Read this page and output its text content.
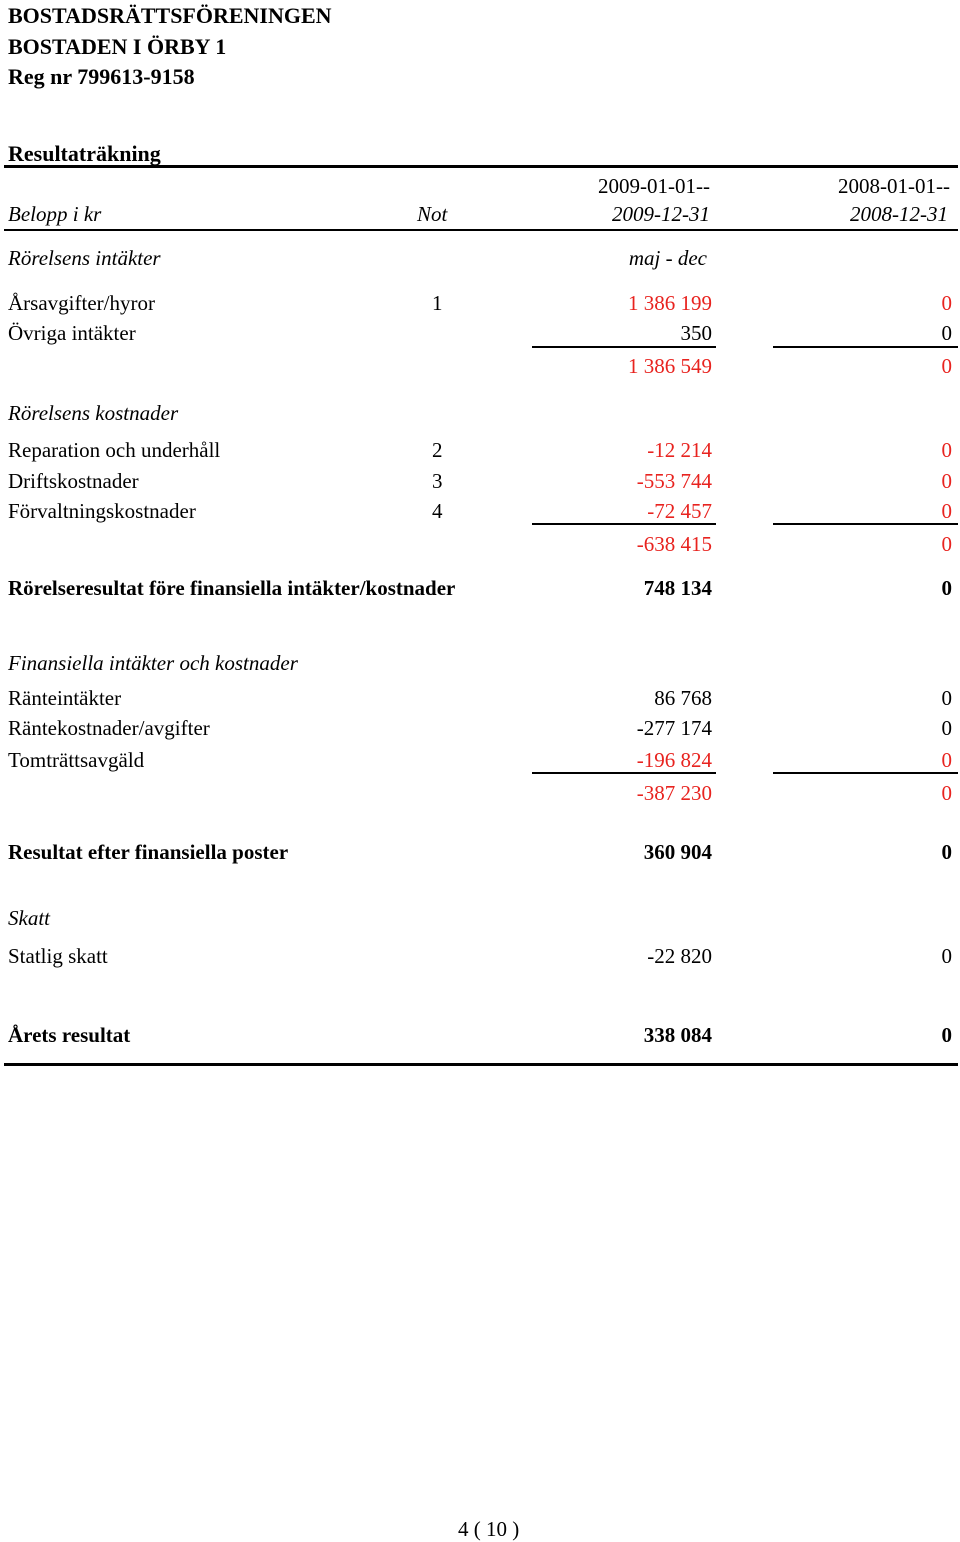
BOSTADSRÄTTSFÖRENINGEN
BOSTADEN I ÖRBY 1
Reg nr 799613-9158
Resultaträkning
2009-01-01--	2008-01-01--
Belopp i kr	Not	2009-12-31	2008-12-31
Rörelsens intäkter	maj - dec
Årsavgifter/hyror	1	1 386 199	0
Övriga intäkter	350	0
1 386 549	0
Rörelsens kostnader
Reparation och underhåll	2	-12 214	0
Driftskostnader	3	-553 744	0
Förvaltningskostnader	4	-72 457	0
-638 415	0
Rörelseresultat före finansiella intäkter/kostnader	748 134	0
Finansiella intäkter och kostnader
Ränteintäkter	86 768	0
Räntekostnader/avgifter	-277 174	0
Tomträttsavgäld	-196 824	0
-387 230	0
Resultat efter finansiella poster	360 904	0
Skatt
Statlig skatt	-22 820	0
Årets resultat	338 084	0
4 ( 10 )
